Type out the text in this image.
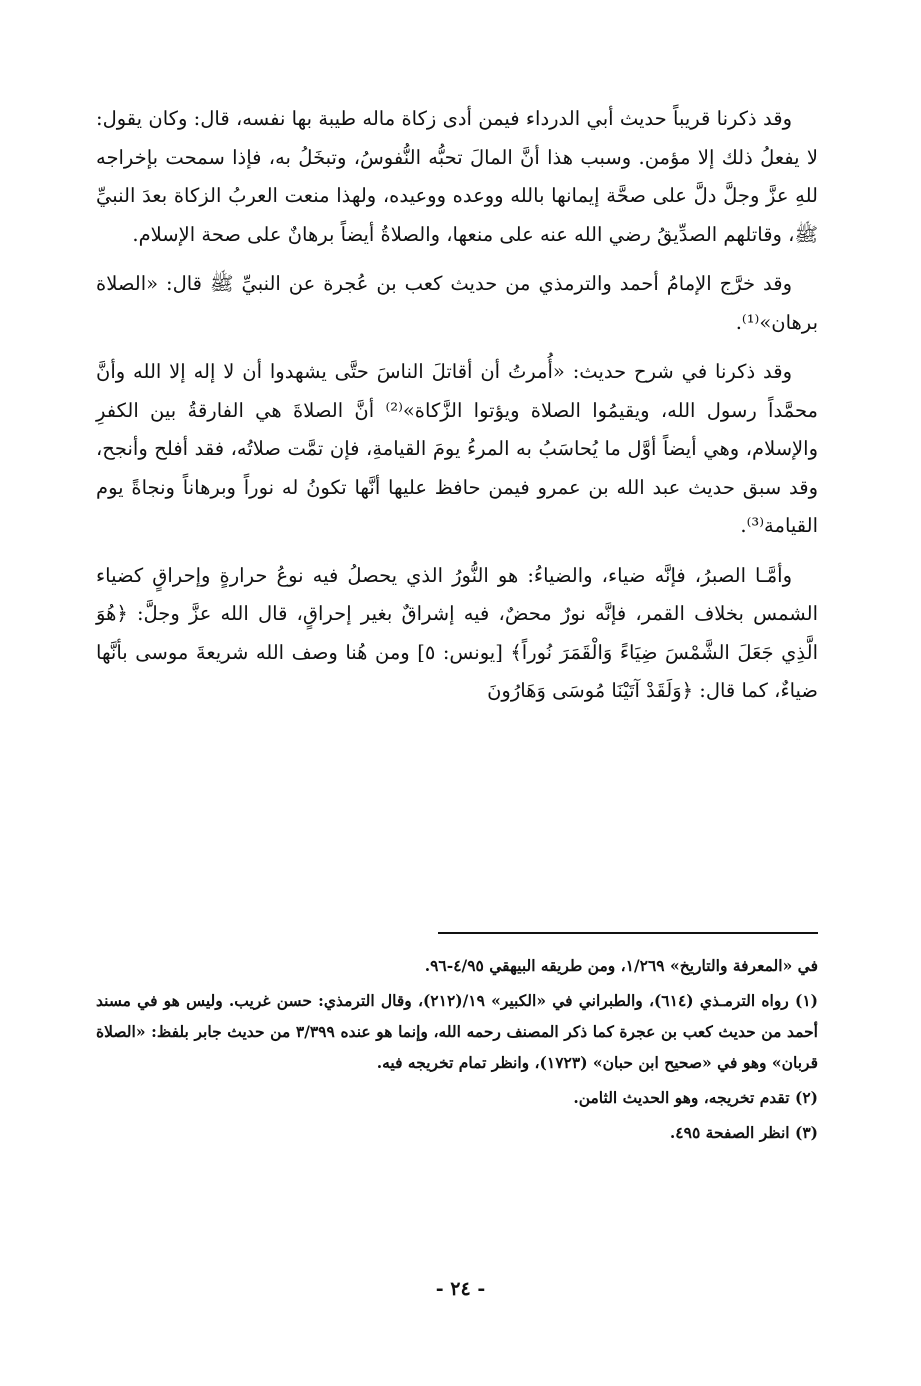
وقد ذكرنا قريباً حديث أبي الدرداء فيمن أدى زكاة ماله طيبة بها نفسه، قال: وكان يقول: لا يفعلُ ذلك إلا مؤمن. وسبب هذا أنَّ المالَ تحبُّه النُّفوسُ، وتبخَلُ به، فإذا سمحت بإخراجه للهِ عزَّ وجلَّ دلَّ على صحَّة إيمانها بالله ووعده ووعيده، ولهذا منعت العربُ الزكاة بعدَ النبيِّ ﷺ، وقاتلهم الصدِّيقُ رضي الله عنه على منعها، والصلاةُ أيضاً برهانٌ على صحة الإسلام.

وقد خرَّج الإمامُ أحمد والترمذي من حديث كعب بن عُجرة عن النبيِّ ﷺ قال: «الصلاة برهان»⁽¹⁾.

وقد ذكرنا في شرح حديث: «أُمرتُ أن أقاتلَ الناسَ حتَّى يشهدوا أن لا إله إلا الله وأنَّ محمَّداً رسول الله، ويقيمُوا الصلاة ويؤتوا الزَّكاة»⁽²⁾ أنَّ الصلاةَ هي الفارقةُ بين الكفرِ والإسلام، وهي أيضاً أوَّل ما يُحاسَبُ به المرءُ يومَ القيامةِ، فإن تمَّت صلاتُه، فقد أفلح وأنجح، وقد سبق حديث عبد الله بن عمرو فيمن حافظ عليها أنَّها تكونُ له نوراً وبرهاناً ونجاةً يوم القيامة⁽³⁾.

وأمَّـا الصبرُ، فإنَّه ضياء، والضياءُ: هو النُّورُ الذي يحصلُ فيه نوعُ حرارةٍ وإحراقٍ كضياء الشمس بخلاف القمر، فإنَّه نورٌ محضٌ، فيه إشراقٌ بغير إحراقٍ، قال الله عزَّ وجلَّ: ﴿هُوَ الَّذِي جَعَلَ الشَّمْسَ ضِيَاءً وَالْقَمَرَ نُوراً﴾ [يونس: ٥] ومن هُنا وصف الله شريعةَ موسى بأنَّها ضياءٌ، كما قال: ﴿وَلَقَدْ آتَيْنَا مُوسَى وَهَارُونَ

في «المعرفة والتاريخ» ١/٢٦٩، ومن طريقه البيهقي ٤/٩٥-٩٦.

(١) رواه الترمـذي (٦١٤)، والطبراني في «الكبير» ١٩/(٢١٢)، وقال الترمذي: حسن غريب. وليس هو في مسند أحمد من حديث كعب بن عجرة كما ذكر المصنف رحمه الله، وإنما هو عنده ٣/٣٩٩ من حديث جابر بلفظ: «الصلاة قربان» وهو في «صحيح ابن حبان» (١٧٢٣)، وانظر تمام تخريجه فيه.

(٢) تقدم تخريجه، وهو الحديث الثامن.

(٣) انظر الصفحة ٤٩٥.

- ٢٤ -
